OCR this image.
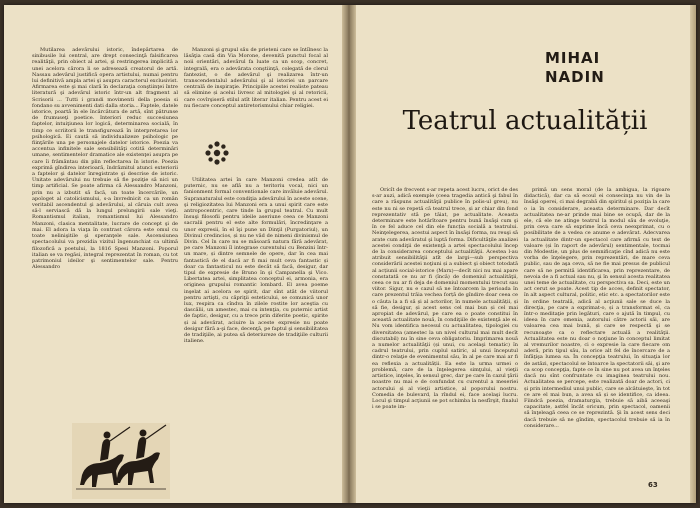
Mutilarea adevărului istoric, îndepărtarea de sinibusile lui central, are drept consecinţă falsificarea realităţii, prin obiect al artei, şi restringerea implicită a unei acelora cărora li se adresează creatorul de artă. Nassau adevărul justifică opera artistului, numai pentru lui definitivă ampla artei şi asupra caracterul exclusivist. Afirmarea este şi mai clară în declaraţia conştiinţei între literatură şi adevărul istoric într-un alt fragment al Scrisorii ... Tutti i grandi movimenti della poesia si fondano su avvenimenti dati dalla storia... Faptele, datele istorice, poartă în ele încărcătura de artă, sînt pătrunse de frumuseţi poetice. Interiori reduc succesiunea faptelor, intuiţiunea lor logică, determinarea socială, în timp ce scriitorii le transfigurează în interpretarea lor psihologică. Ei caută să individualizeze psihologic pe fiinţările una pe personajele datelor istorice. Poezia va accentua infinitele sale sensibilităţi cotită determinări umane, sentimentelor dramatice ale existenţei asupra pe care îi frământau din plin reflectarea în istorie. Poezia exprimă gîndirea interioară, îndrăznitul atunci exteriorii a faptelor şi datelor înregistrate şi descrise de istoric. Unitate adevărului nu trebuie să fie poziţie să nici un timp artificial. Se poate afirma că Alessandro Manzoni, prin nu a izbutit să facă, un toate încercările, un apologet al catolicismului, s-a învrednicit ca un român veritabil ascendentul şi adevărului, al căruia cult avea să-l serviască dă la lungul prelungirii sale vieţi. Romantismul italian, romantismul lui Alessandro Manzoni, clasica mentalitate, lucrare de concept şi de mai. El adora la viaţa în contrast cărora este omul cu toate nelinişitile şi speranţele sale. Ascensiunea spectacolului va prezidia vizitul îngenunchiat ca ultimă filozofică a poetului, la 1816 Spesi Manzoni. Poporul italian se va regăsi, integral reprezentat în roman, cu tot patrimoniul ideilor şi sentimentelor sale. Pentru Alessandro

Manzoni şi grupul său de prieteni care se întîlnesc la lăsăţia casă din Via Morone, devenită punctul focal al noii orientări, adevărul fa luate ca un scop, concret, integrală, era o adevărata conştiinţă, colegată de clerul fantezist, o de adevărul şi realizarea într-un transcendentalul adevărului şi al istoriei un parcare centrală de inspiraţie. Principiile acestei realiste pateau să elimine și acelui livresc al mitologiei şi al retoricii, care covîrşiseră stilul atît literar italian. Pentru acest ei nu fiecare conceptul antiretorismului chiar religiei.

Utilitatea artei în care Manzoni credea atît de puternic, nu se află nu a teritoriu vocal, nici un fanionment formal conventionale care invăluie adevărul. Supranaturalul este condiţia adevărului în aceste scene, şi religiozitatea lui Manzoni era a unui spirit care este antropocentric, care tinde la grupul teatral. Cu mult însuşi filosofii pentru ideile aseriune ceea ce Manzoni sacralii pentru el este alte formulări, încredinţare a unor expresii, în el îşi pune un Dinţil (Purgatoriul), un Divinul credincios, și nu ne văd de nimeni divinismul de Divin. Cel în care nu se măsoară natura fără adevărat, pe care Manzoni îl integrase curentului cu Benzini într-un mare, și dintre semnele de opere, dar în cea mai fantastică de el dacă ar fi mai mult ceva fantastic și doar ca fantasticul nu este decât să facă, desigur, dar tipul de expresie de Bruno în şi Campanella şi Vico. Libertatea artei, simplitatea conceptul ei, armonia, era originea grupului romantic lombard. El avea poeme inşelat ai acelora se spirit, dar sînt atât de viitorul pentru artişti, cu căpriţii esteticului, se comunică unor lux, respira ca cîndva în zilele rostite lor aceştia cu dascălii, un amestec, mai cu intenţia, cu puternic artist de faptic, desigur, cu a trece prin diferite poetic, spirite și ai adevărat, aciuire la aceste expresie nu poate desigur fără a-şi face, decenţă, pe faptul şi sensibilitatea de tradiţiile, ai putea să deteriureze de tradiţiile culturii italiene.

MIHAI
NADIN
Teatrul actualității

Oricît de frecvent s-ar repeta acest lucru, orict de des s-ar auzi, adică exemple (ceea tragedia antică şi fabul în care a răspuns actualităţii publice în polis-ul greu), nu este nu ni se repetă că teatrul trece, și ar chiar din fond reprezentativ stă pe tăiat, pe actualitate. Aceasta determinare este hotărîtoare pentru bună însăşi cum şi în ce fel aduce cel din ele funcția socială a teatrului. Neinţelegerea, acestui aspect în însăşi forma, nu reuşi să arate cum adevăratul şi luptă forma. Dificultăţile analizei acestei condiţii de existenţă a artei spectacolului încep de la considerarea conceptului actualităţii. Acestea l-au atribuit sensibilităţii atît de largi—sub perspectiva considerării acestei noţiuni și a subiect şi obiect totodată al acțiunii social-istorice (Marx)—decît nici nu mai apare constatată ce nu ar fi (încă) de domeniul actualităţii, ceea ce nu ar fi deja de domeniul momentului trecut sau viitor. Sigur, nu e cazul să ne întoarcem la perioada în care prezentul trăia vechea forță de gîndire doar ceea ce o căuta la a fi să și al actorilor, în numele actualității, și să fie, desigur, și acest sens cel mai bun și cel mai apropiat de adevărul, pe care ea o poate constitui în această actualitate nouă, în condiţiile de existenţă ale ei. Nu vom identifica necesul cu actualitatea, tipologiei cu diversitatea (amestec la un nivel cultural mai mult decît discutabil) nu în sine ceva obligatoriu. Imprimarea nouă a numelor actualităţii (și unui, cu acelaşi tematic) în cadrul teatrului, prin cuplul satiric, al unui începutul dintr-o relaţie de evenimentul său, în al pe care mai ar fi ea reflexia a actualității. Ea este la urma urmei o problemă, care de la înţelegerea simţului, al vieţii artistice, inţeles, în sensul grec, dar pe care în cazul ţării noastre nu mai e de confundat cu curentul a meseriei actorului și al vieţii artistice, al poporului nostru. Comedia de bulevard, la rîndul ei, face acelaşi lucru. Locul şi timpul acţiunii se pot schimba la nesfîrşit, finalul i se poate im-

primă un sens moral (de la ambigua, la rigoare didactică), dar ca să ecoul ei consecinţa nu vin de la însăşi operei, ci mai degrabă din spiritul și poziţia la care o ia în considerare, aceasta determinare. Dar decît actualitatea ne-ar prinde mai bine se ocupă, dar de la ele, că ele ne atinge teatrul la modul său de evoluţie, prin ceva care să exprime încă ceva neexprimat, cu o posibilitate de a vedea ce anume e adevărat. Adecvarea la actualitate dintr-un spectacol care afirmă cu text de valoare (și în raport de adevărul) sentimentale, tocmai din Modestie, un plus de semnificaţie cînd adică nu este vorba de înţelegere, prin reprezentări, de mare ceva public, sau de aşa ceva, să ne fie mai presus de publicul care să ne permită identificarea, prin reprezentare, de nevoia de a fi actual sau nu, şi în sensul acesta realitatea unei teme de actualitate, cu perspectiva sa. Deci, este un act cerut se poate. Acest tip de acces, definit spectator, în alt aspect cultural, politic, etic etc. a spectatorilor este în ordine teatrală, adică al acţiunii sale se duce la direcţia, pe care a exprimat-o, și a transformat el, ca într-o meditaţie prin legături, care o ajută în timpul, cu ideea în care omenia, autorului către actorii săi, are valoarea cea mai bună, și care se respectă şi se recunoaşte ca o reflectare actuală a realităţii. Actualitatea este nu doar o noţiune în conceptul limitat al vremurilor noastre, ci o expresie la care fiecare om aderă, prin tipul său, la orice alt fel de încercare de a înfăţişa lumea sa. În concepţia teatrului, în situaţia lor de astăzi, spectacolul se întoarce la spectatorii săi, şi are ca scop concepţia, fapte ce în sine nu pot avea un înţeles dacă nu sînt confruntate cu imaginea teatrului nou. Actualitatea se percepe, este realizată doar de actori, ci și prin intermediul unui public, care se alcătuieşte, în tot ce are el mai bun, a avea să și se identifice, ca ideea. Fiindcă poezia, dramaturgia, trebuie să aibă aceeaşi capacitate, astfel încât oricum, prin spectacol, oamenii să înţeleagă ceea ce se reprezintă. Şi în acest sens deci dacă trebuie să ne gîndim, spectacolul trebuie să ia în considerare...

63
